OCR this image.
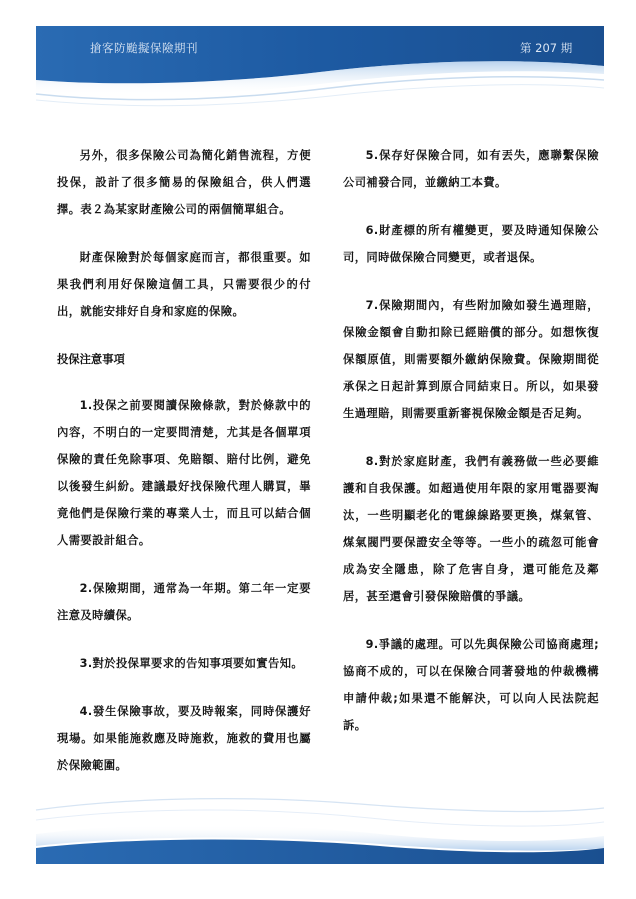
搶客防颱擬保險期刊	第 207 期

另外，很多保險公司為簡化銷售流程，方便投保，設計了很多簡易的保險組合，供人們選擇。表２為某家財產險公司的兩個簡單組合。

財產保險對於每個家庭而言，都很重要。如果我們利用好保險這個工具，只需要很少的付出，就能安排好自身和家庭的保險。

投保注意事項

1.投保之前要閱讀保險條款，對於條款中的內容，不明白的一定要問清楚，尤其是各個單項保險的責任免除事項、免賠額、賠付比例，避免以後發生糾紛。建議最好找保險代理人購買，畢竟他們是保險行業的專業人士，而且可以結合個人需要設計組合。

2.保險期間，通常為一年期。第二年一定要注意及時續保。

3.對於投保單要求的告知事項要如實告知。

4.發生保險事故，要及時報案，同時保護好現場。如果能施救應及時施救，施救的費用也屬於保險範圍。

5.保存好保險合同，如有丟失，應聯繫保險公司補發合同，並繳納工本費。

6.財產標的所有權變更，要及時通知保險公司，同時做保險合同變更，或者退保。

7.保險期間內，有些附加險如發生過理賠，保險金額會自動扣除已經賠償的部分。如想恢復保額原值，則需要額外繳納保險費。保險期間從承保之日起計算到原合同結束日。所以，如果發生過理賠，則需要重新審視保險金額是否足夠。

8.對於家庭財產，我們有義務做一些必要維護和自我保護。如超過使用年限的家用電器要淘汰，一些明顯老化的電線線路要更換，煤氣管、煤氣閥門要保證安全等等。一些小的疏忽可能會成為安全隱患，除了危害自身，還可能危及鄰居，甚至還會引發保險賠償的爭議。

9.爭議的處理。可以先與保險公司協商處理;協商不成的，可以在保險合同著發地的仲裁機構申請仲裁;如果還不能解決，可以向人民法院起訴。
